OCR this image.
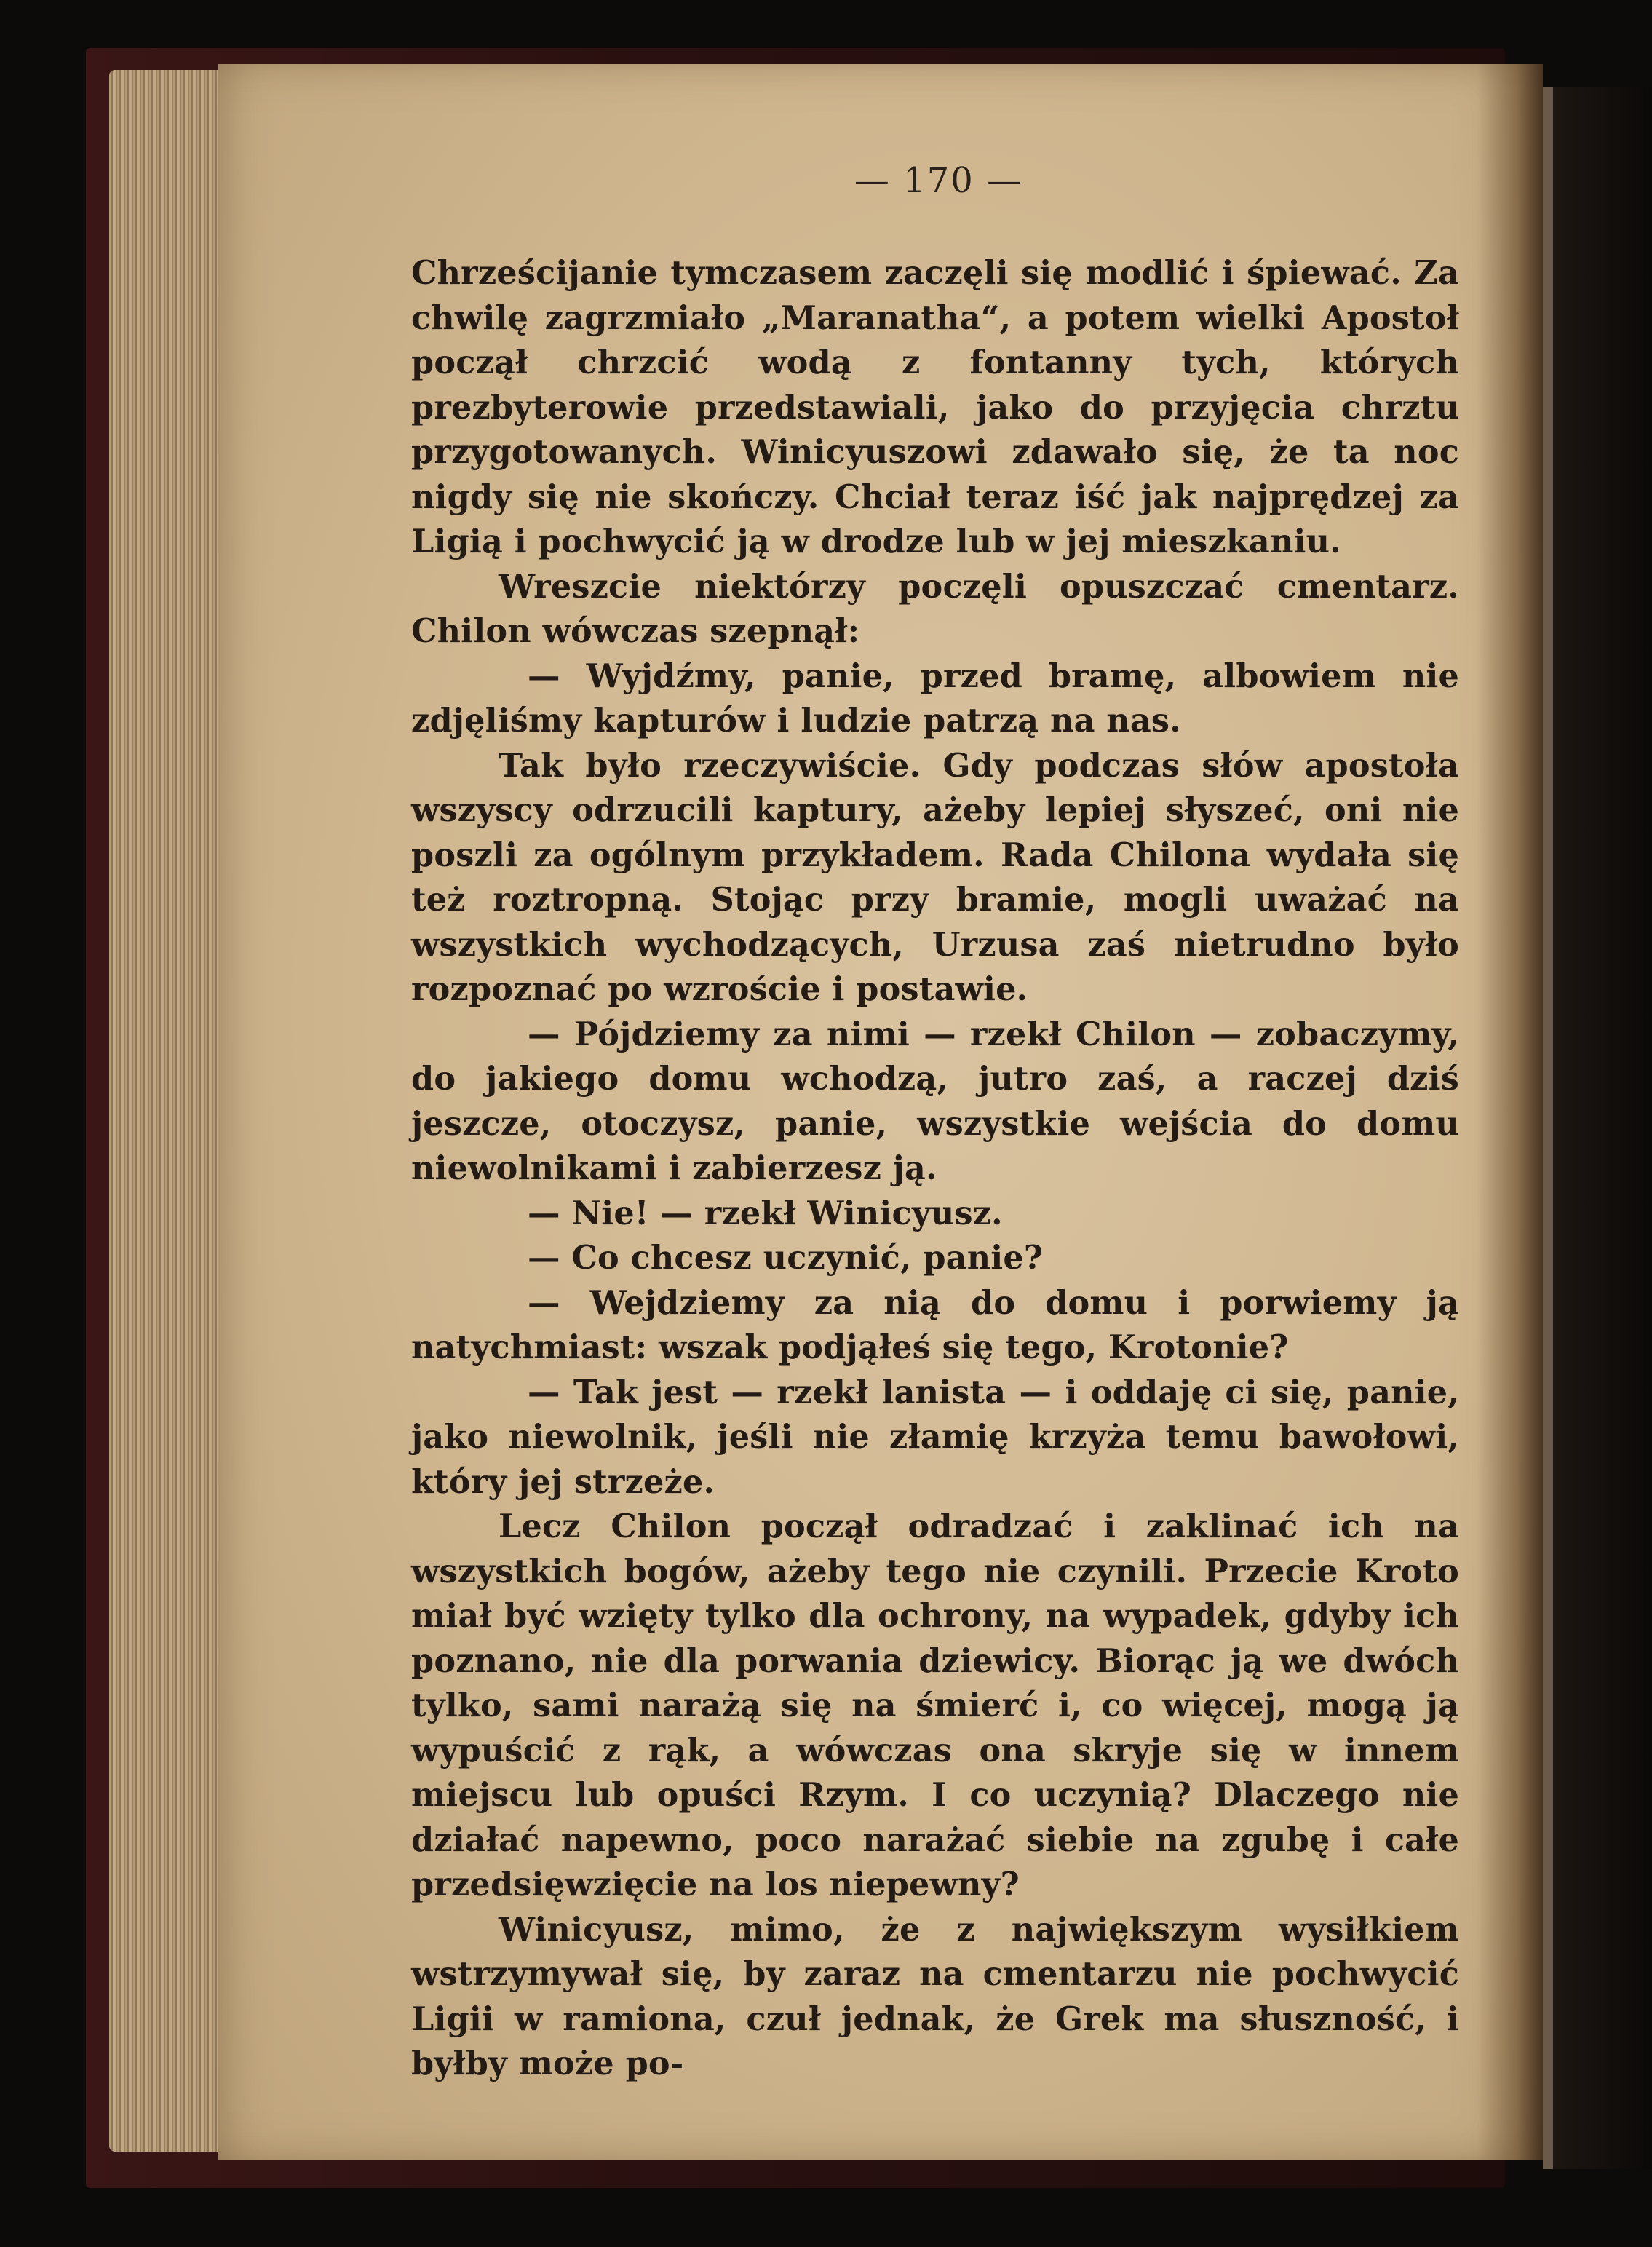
— 170 —

Chrześcijanie tymczasem zaczęli się modlić i śpiewać. Za chwilę zagrzmiało „Maranatha“, a potem wielki Apostoł począł chrzcić wodą z fontanny tych, których prezbyterowie przedstawiali, jako do przyjęcia chrztu przygotowanych. Winicyuszowi zdawało się, że ta noc nigdy się nie skończy. Chciał teraz iść jak najprędzej za Ligią i pochwycić ją w drodze lub w jej mieszkaniu.

Wreszcie niektórzy poczęli opuszczać cmentarz. Chilon wówczas szepnął:

— Wyjdźmy, panie, przed bramę, albowiem nie zdjęliśmy kapturów i ludzie patrzą na nas.

Tak było rzeczywiście. Gdy podczas słów apostoła wszyscy odrzucili kaptury, ażeby lepiej słyszeć, oni nie poszli za ogólnym przykładem. Rada Chilona wydała się też roztropną. Stojąc przy bramie, mogli uważać na wszystkich wychodzących, Urzusa zaś nietrudno było rozpoznać po wzroście i postawie.

— Pójdziemy za nimi — rzekł Chilon — zobaczymy, do jakiego domu wchodzą, jutro zaś, a raczej dziś jeszcze, otoczysz, panie, wszystkie wejścia do domu niewolnikami i zabierzesz ją.

— Nie! — rzekł Winicyusz.

— Co chcesz uczynić, panie?

— Wejdziemy za nią do domu i porwiemy ją natychmiast: wszak podjąłeś się tego, Krotonie?

— Tak jest — rzekł lanista — i oddaję ci się, panie, jako niewolnik, jeśli nie złamię krzyża temu bawołowi, który jej strzeże.

Lecz Chilon począł odradzać i zaklinać ich na wszystkich bogów, ażeby tego nie czynili. Przecie Kroto miał być wzięty tylko dla ochrony, na wypadek, gdyby ich poznano, nie dla porwania dziewicy. Biorąc ją we dwóch tylko, sami narażą się na śmierć i, co więcej, mogą ją wypuścić z rąk, a wówczas ona skryje się w innem miejscu lub opuści Rzym. I co uczynią? Dlaczego nie działać napewno, poco narażać siebie na zgubę i całe przedsięwzięcie na los niepewny?

Winicyusz, mimo, że z największym wysiłkiem wstrzymywał się, by zaraz na cmentarzu nie pochwycić Ligii w ramiona, czuł jednak, że Grek ma słuszność, i byłby może po-
